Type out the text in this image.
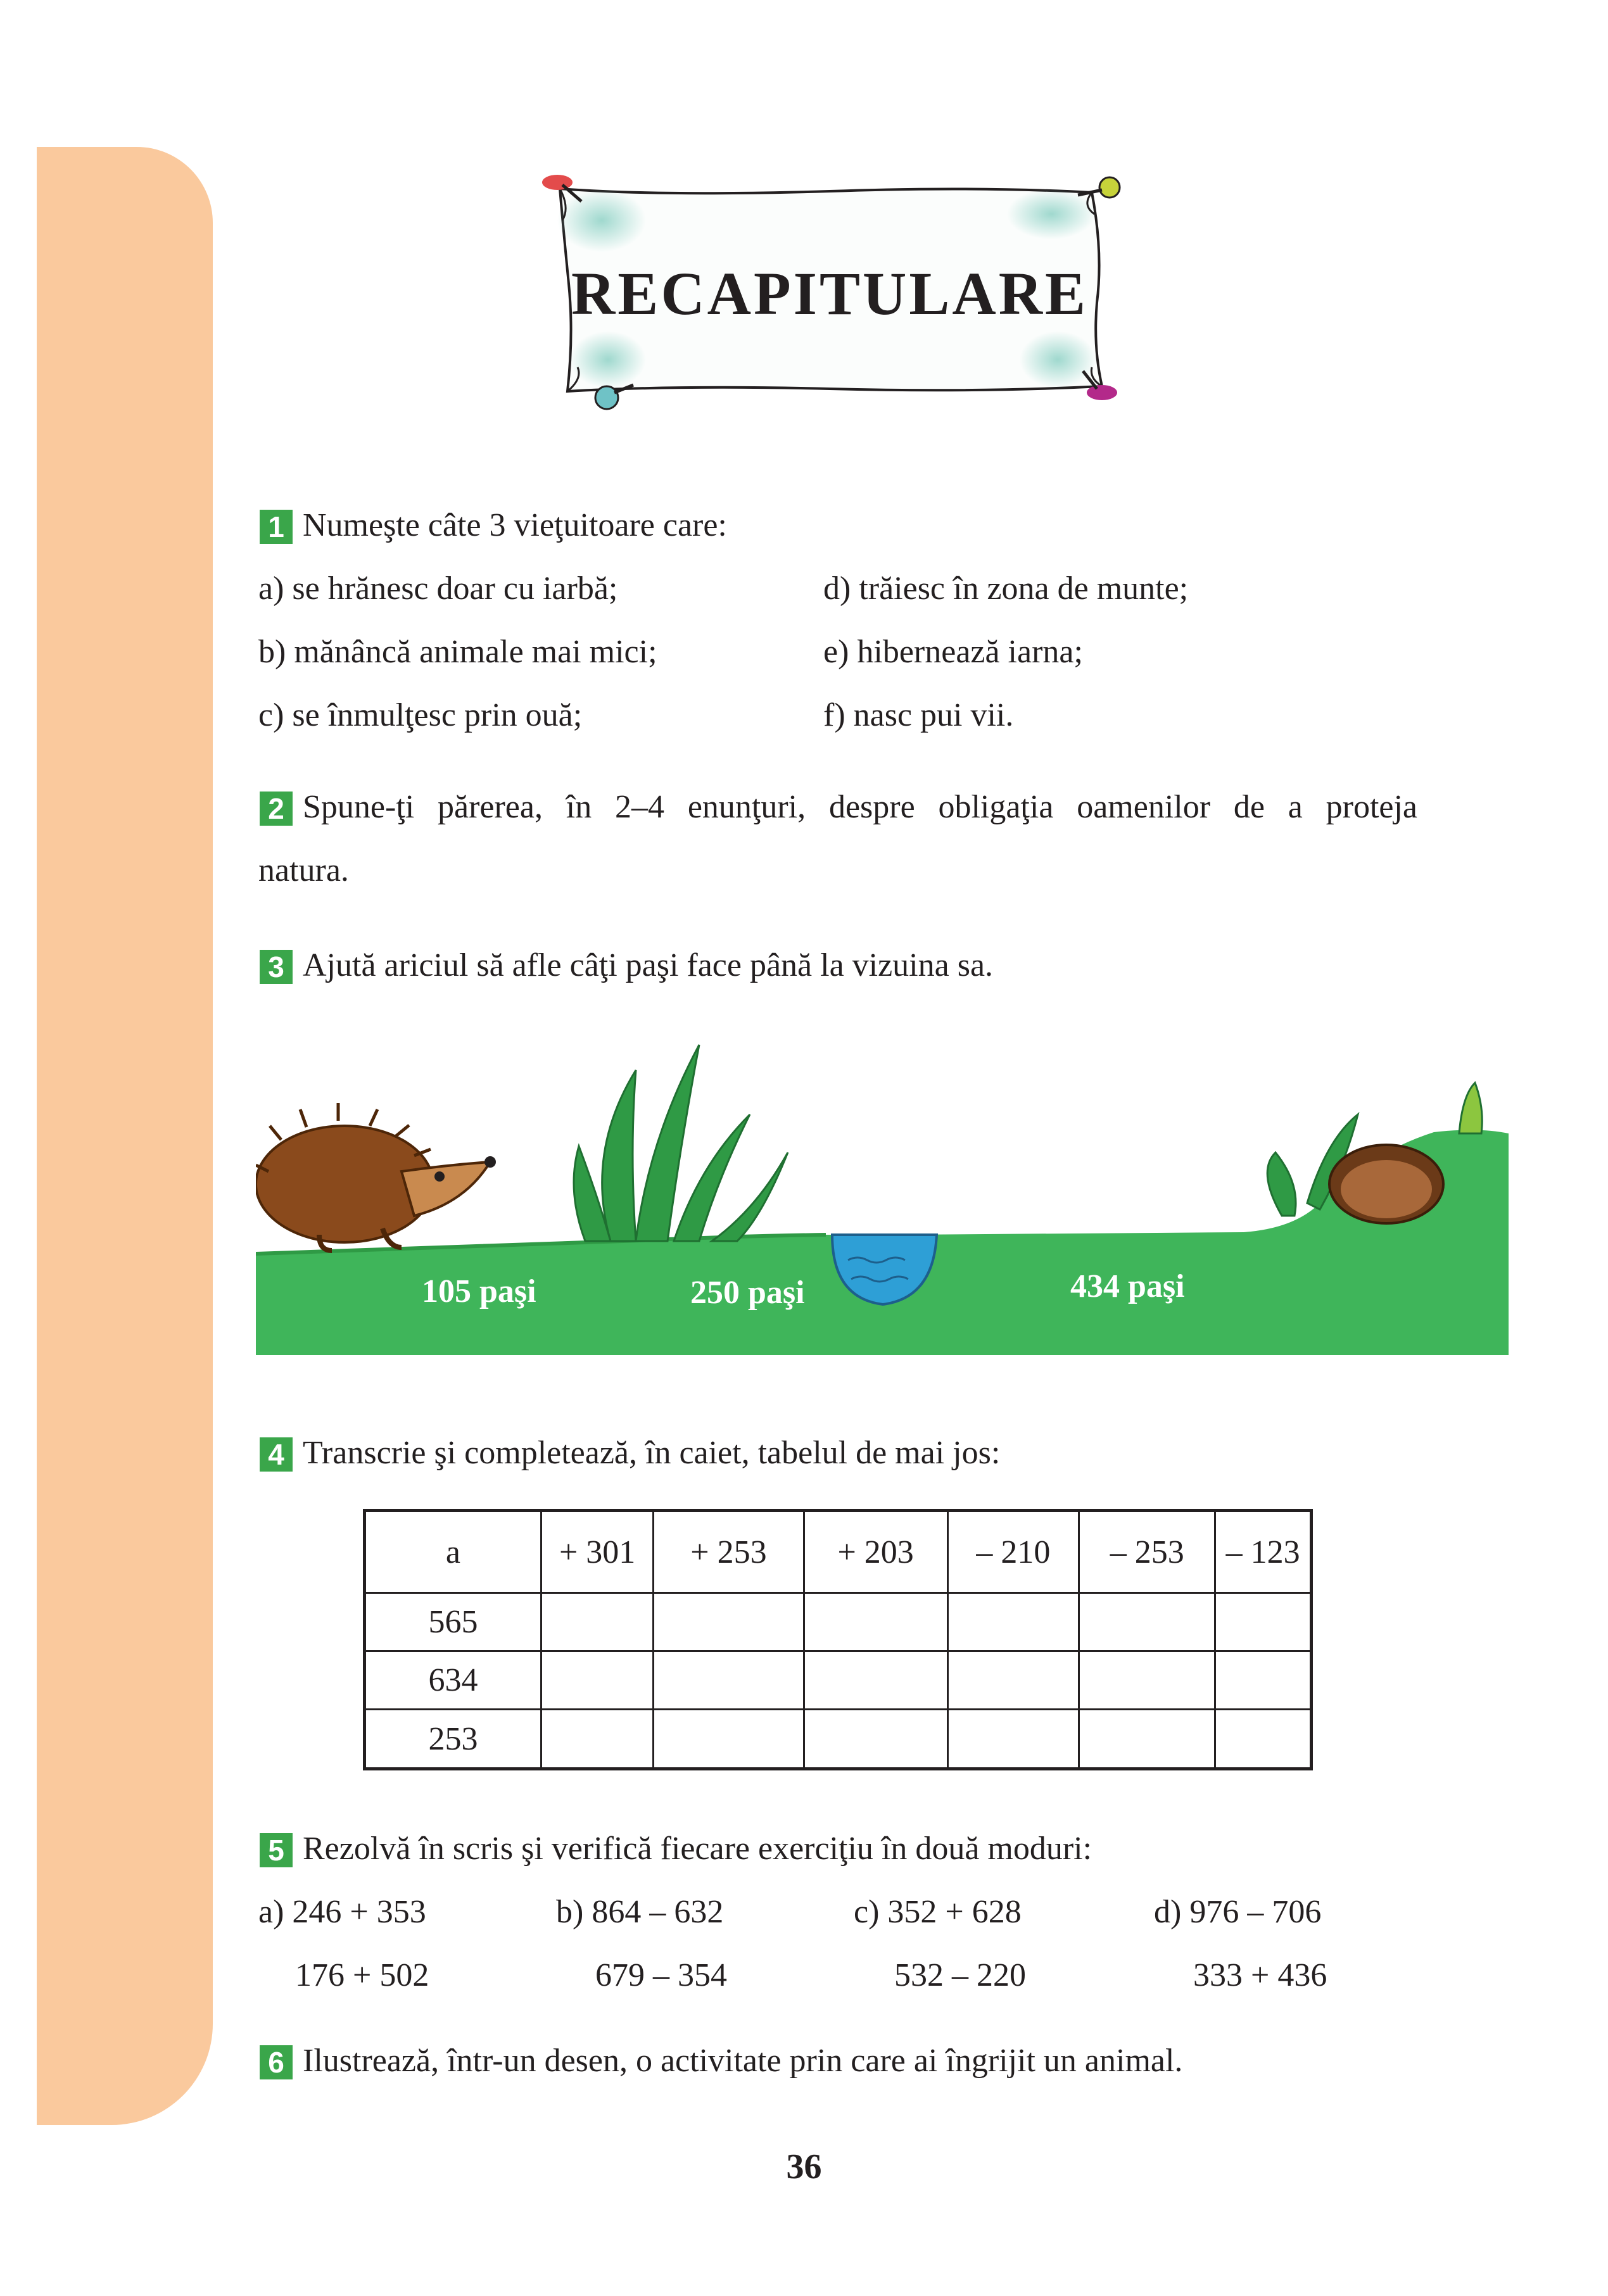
RECAPITULARE
1 Numeşte câte 3 vieţuitoare care:
a) se hrănesc doar cu iarbă;
b) mănâncă animale mai mici;
c) se înmulţesc prin ouă;
d) trăiesc în zona de munte;
e) hibernează iarna;
f) nasc pui vii.
2 Spune-ţi părerea, în 2–4 enunţuri, despre obligaţia oamenilor de a proteja
natura.
3 Ajută ariciul să afle câţi paşi face până la vizuina sa.
105 paşi	250 paşi	434 paşi
4 Transcrie şi completează, în caiet, tabelul de mai jos:
a	+ 301	+ 253	+ 203	– 210	– 253	– 123
565						
634						
253						
5 Rezolvă în scris şi verifică fiecare exerciţiu în două moduri:
a) 246 + 353
176 + 502
b) 864 – 632
679 – 354
c) 352 + 628
532 – 220
d) 976 – 706
333 + 436
6 Ilustrează, într-un desen, o activitate prin care ai îngrijit un animal.
36
